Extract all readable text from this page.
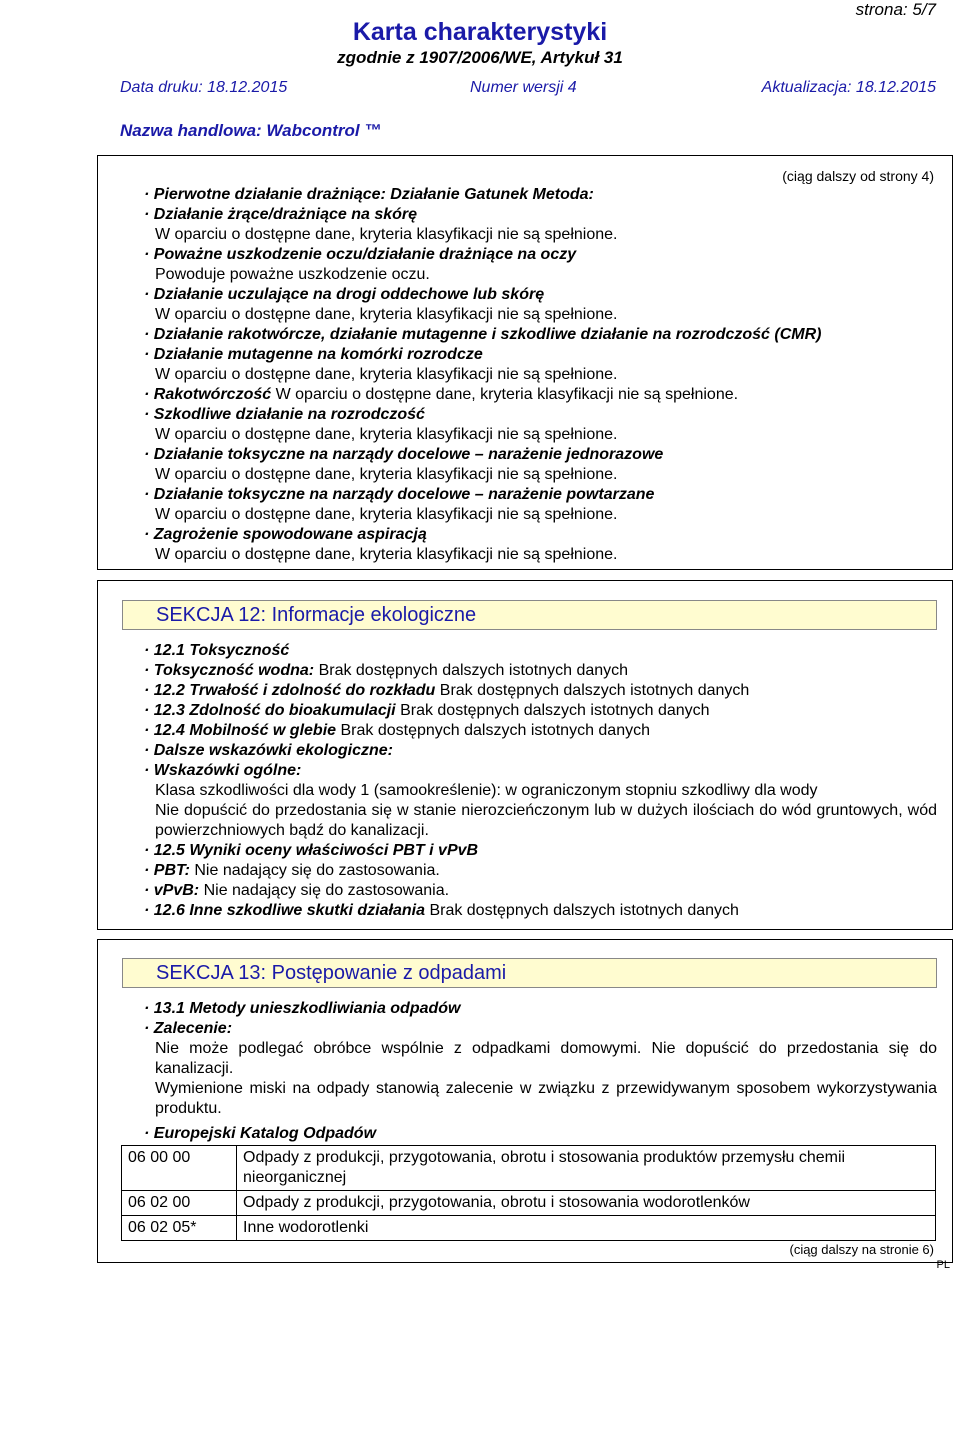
strona: 5/7
Karta charakterystyki
zgodnie z 1907/2006/WE, Artykuł 31
Data druku: 18.12.2015	Numer wersji 4	Aktualizacja: 18.12.2015
Nazwa handlowa: Wabcontrol ™
(ciąg dalszy od strony 4)
· Pierwotne działanie drażniące: Działanie Gatunek Metoda:
· Działanie żrące/drażniące na skórę
W oparciu o dostępne dane, kryteria klasyfikacji nie są spełnione.
· Poważne uszkodzenie oczu/działanie drażniące na oczy
Powoduje poważne uszkodzenie oczu.
· Działanie uczulające na drogi oddechowe lub skórę
W oparciu o dostępne dane, kryteria klasyfikacji nie są spełnione.
· Działanie rakotwórcze, działanie mutagenne i szkodliwe działanie na rozrodczość (CMR)
· Działanie mutagenne na komórki rozrodcze
W oparciu o dostępne dane, kryteria klasyfikacji nie są spełnione.
· Rakotwórczość W oparciu o dostępne dane, kryteria klasyfikacji nie są spełnione.
· Szkodliwe działanie na rozrodczość
W oparciu o dostępne dane, kryteria klasyfikacji nie są spełnione.
· Działanie toksyczne na narządy docelowe – narażenie jednorazowe
W oparciu o dostępne dane, kryteria klasyfikacji nie są spełnione.
· Działanie toksyczne na narządy docelowe – narażenie powtarzane
W oparciu o dostępne dane, kryteria klasyfikacji nie są spełnione.
· Zagrożenie spowodowane aspiracją
W oparciu o dostępne dane, kryteria klasyfikacji nie są spełnione.
SEKCJA 12: Informacje ekologiczne
· 12.1 Toksyczność
· Toksyczność wodna: Brak dostępnych dalszych istotnych danych
· 12.2 Trwałość i zdolność do rozkładu Brak dostępnych dalszych istotnych danych
· 12.3 Zdolność do bioakumulacji Brak dostępnych dalszych istotnych danych
· 12.4 Mobilność w glebie Brak dostępnych dalszych istotnych danych
· Dalsze wskazówki ekologiczne:
· Wskazówki ogólne:
Klasa szkodliwości dla wody 1 (samookreślenie): w ograniczonym stopniu szkodliwy dla wody
Nie dopuścić do przedostania się w stanie nierozcieńczonym lub w dużych ilościach do wód gruntowych, wód powierzchniowych bądź do kanalizacji.
· 12.5 Wyniki oceny właściwości PBT i vPvB
· PBT: Nie nadający się do zastosowania.
· vPvB: Nie nadający się do zastosowania.
· 12.6 Inne szkodliwe skutki działania Brak dostępnych dalszych istotnych danych
SEKCJA 13: Postępowanie z odpadami
· 13.1 Metody unieszkodliwiania odpadów
· Zalecenie:
Nie może podlegać obróbce wspólnie z odpadkami domowymi. Nie dopuścić do przedostania się do kanalizacji.
Wymienione miski na odpady stanowią zalecenie w związku z przewidywanym sposobem wykorzystywania produktu.
· Europejski Katalog Odpadów
06 00 00	Odpady z produkcji, przygotowania, obrotu i stosowania produktów przemysłu chemii nieorganicznej
06 02 00	Odpady z produkcji, przygotowania, obrotu i stosowania wodorotlenków
06 02 05*	Inne wodorotlenki
(ciąg dalszy na stronie 6)
PL
